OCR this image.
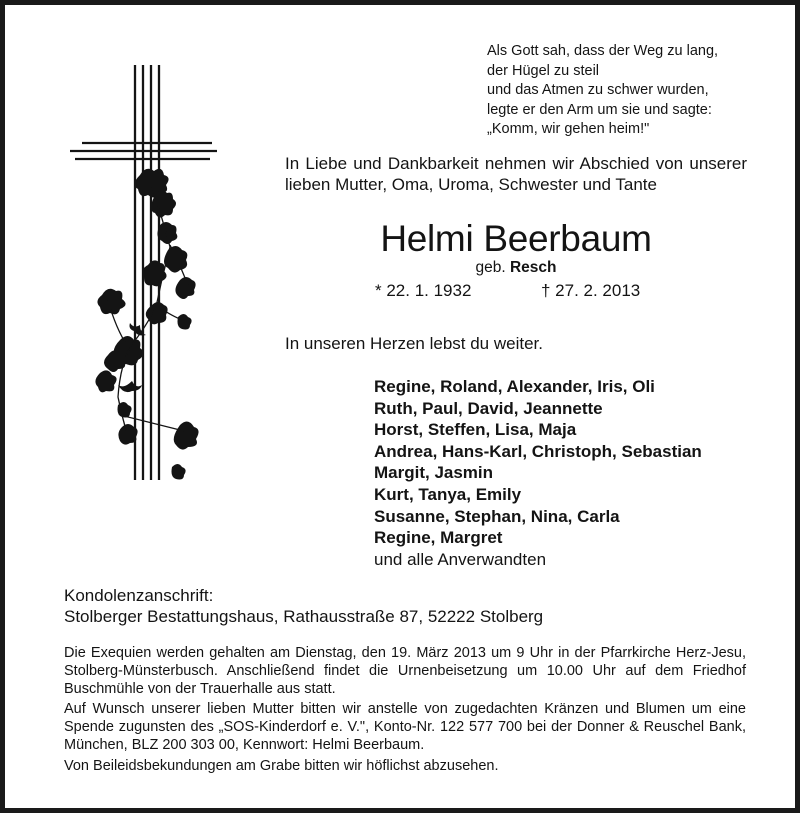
Als Gott sah, dass der Weg zu lang,
der Hügel zu steil
und das Atmen zu schwer wurden,
legte er den Arm um sie und sagte:
„Komm, wir gehen heim!"
In Liebe und Dankbarkeit nehmen wir Abschied von unserer lieben Mutter, Oma, Uroma, Schwester und Tante
Helmi Beerbaum
geb. Resch
* 22. 1. 1932	† 27. 2. 2013
In unseren Herzen lebst du weiter.
Regine, Roland, Alexander, Iris, Oli
Ruth, Paul, David, Jeannette
Horst, Steffen, Lisa, Maja
Andrea, Hans-Karl, Christoph, Sebastian
Margit, Jasmin
Kurt, Tanya, Emily
Susanne, Stephan, Nina, Carla
Regine, Margret
und alle Anverwandten
Kondolenzanschrift:
Stolberger Bestattungshaus, Rathausstraße 87, 52222 Stolberg

Die Exequien werden gehalten am Dienstag, den 19. März 2013 um 9 Uhr in der Pfarrkirche Herz-Jesu, Stolberg-Münsterbusch. Anschließend findet die Urnenbeisetzung um 10.00 Uhr auf dem Friedhof Buschmühle von der Trauerhalle aus statt.

Auf Wunsch unserer lieben Mutter bitten wir anstelle von zugedachten Kränzen und Blumen um eine Spende zugunsten des „SOS-Kinderdorf e. V.", Konto-Nr. 122 577 700 bei der Donner & Reuschel Bank, München, BLZ 200 303 00, Kennwort: Helmi Beerbaum.

Von Beileidsbekundungen am Grabe bitten wir höflichst abzusehen.
